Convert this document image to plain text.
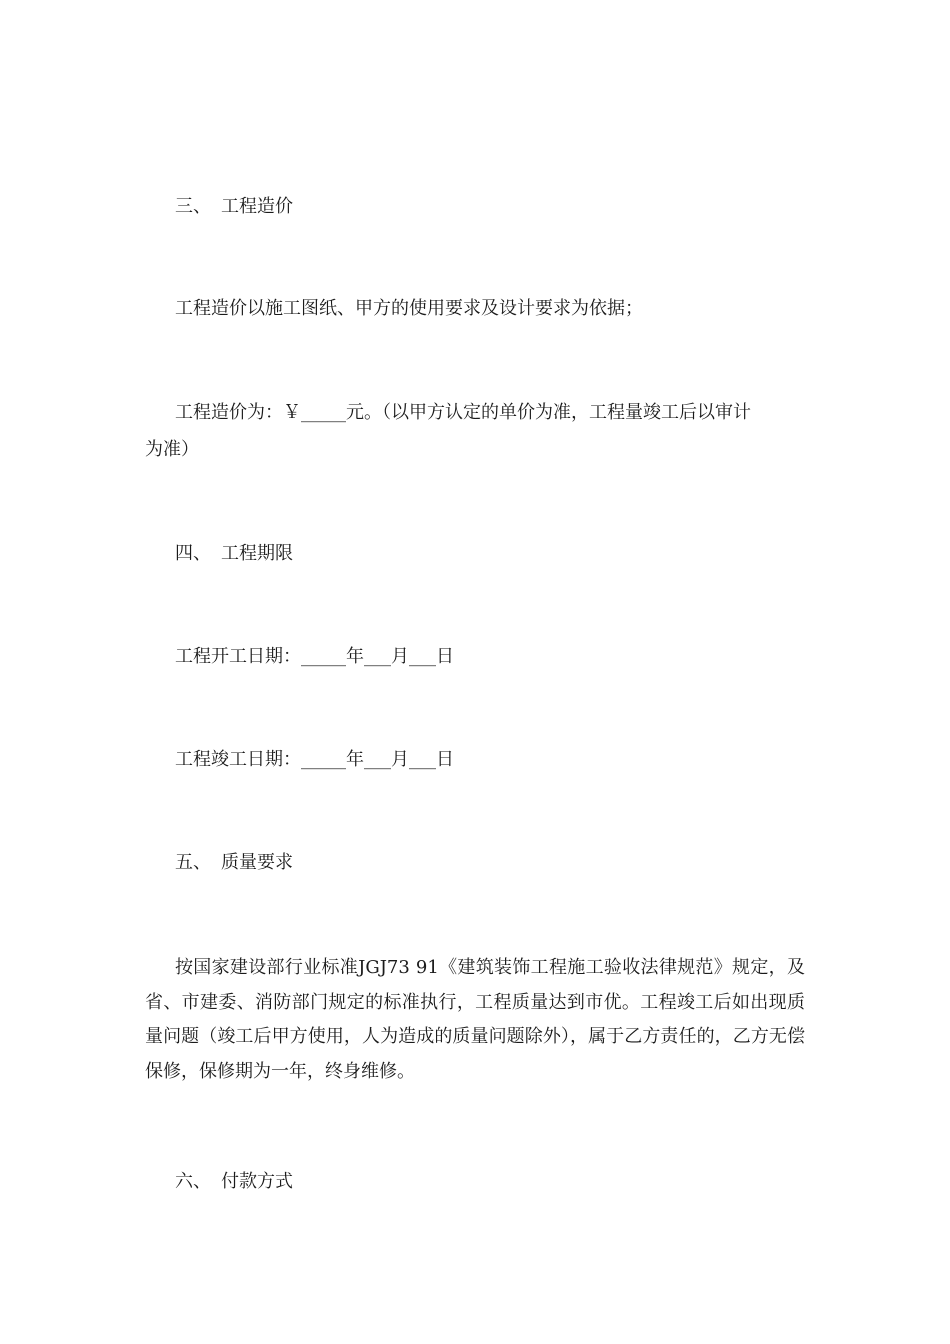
三、 工程造价
工程造价以施工图纸、甲方的使用要求及设计要求为依据；
工程造价为：￥_____元。（以甲方认定的单价为准，工程量竣工后以审计
为准）
四、 工程期限
工程开工日期：_____年___月___日
工程竣工日期：_____年___月___日
五、 质量要求
按国家建设部行业标准JGJ73 91《建筑装饰工程施工验收法律规范》规定，及省、市建委、消防部门规定的标准执行，工程质量达到市优。工程竣工后如出现质量问题（竣工后甲方使用，人为造成的质量问题除外），属于乙方责任的，乙方无偿保修，保修期为一年，终身维修。
六、 付款方式
